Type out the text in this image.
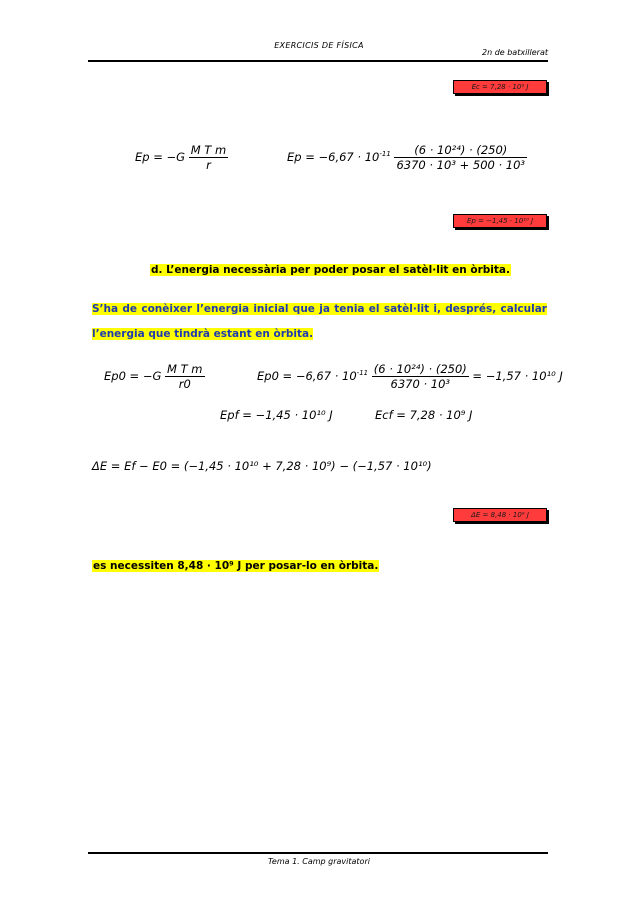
EXERCICIS DE FÍSICA
2n de batxillerat
Ec = 7,28 · 10⁹ J
$Ep = -G \frac{\text{M T m}}{r}$	$Ep = -6,67 \cdot 10^{-11} \frac{\text{(6 · 10²⁴) · (250)}}{\text{6370 · 10³ + 500 · 10³}}$
Ep = −1,45 · 10¹⁰ J
d. L’energia necessària per poder posar el satèl·lit en òrbita.
S’ha de conèixer l’energia inicial que ja tenia el satèl·lit i, després, calcular l’energia que tindrà estant en òrbita.
$Ep0 = -G \frac{\text{M T m}}{r0}$	$Ep0 = -6,67 \cdot 10^{-11} \frac{\text{(6 · 10²⁴) · (250)}}{\text{6370 · 10³}} = -1,57 \cdot 10^{10}$ J
Epf = −1,45 · 10¹⁰ J	Ecf = 7,28 · 10⁹ J
ΔE = Ef − E0 = (−1,45 · 10¹⁰ + 7,28 · 10⁹) − (−1,57 · 10¹⁰)
ΔE = 8,48 · 10⁹ J
es necessiten 8,48 · 10⁹ J per posar-lo en òrbita.
Tema 1. Camp gravitatori
